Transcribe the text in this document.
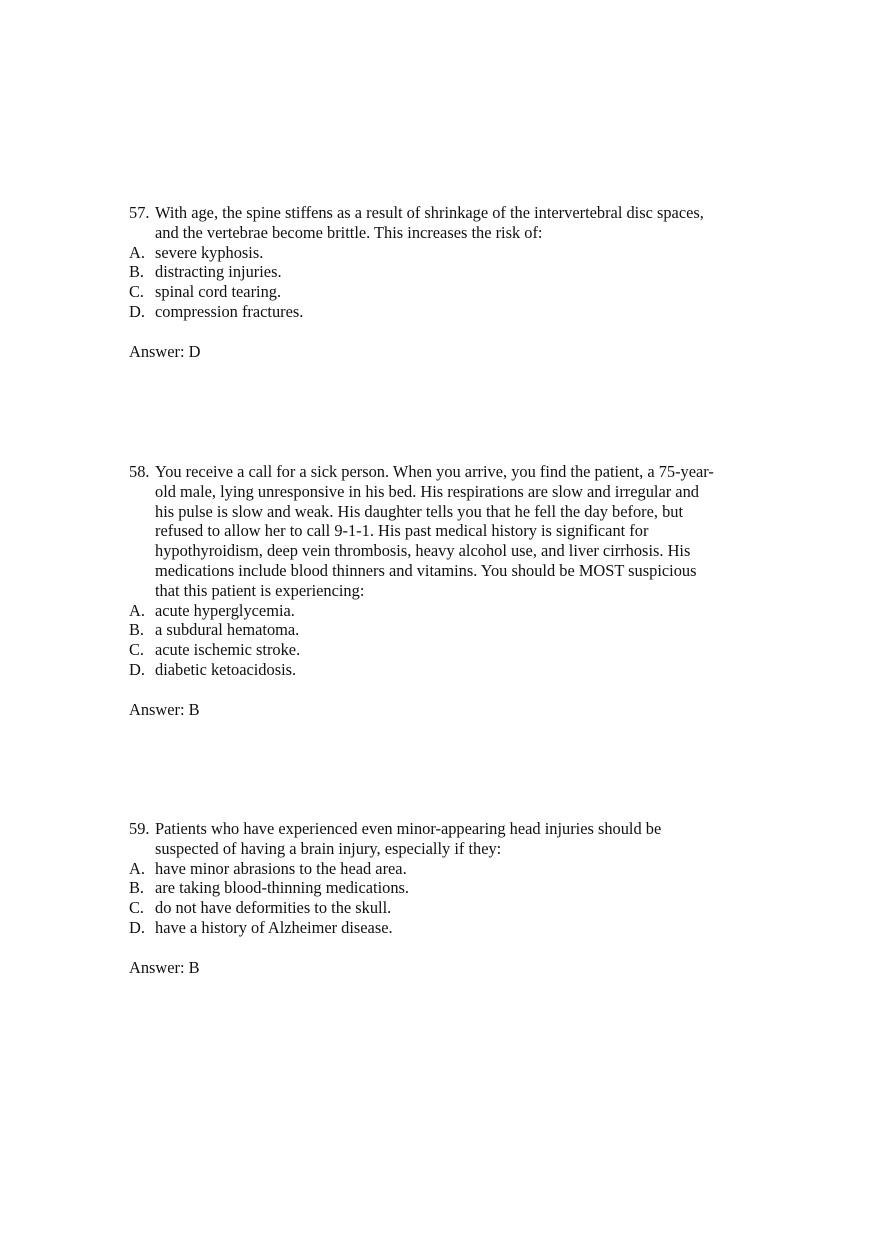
57. With age, the spine stiffens as a result of shrinkage of the intervertebral disc spaces,
and the vertebrae become brittle. This increases the risk of:
A. severe kyphosis.
B. distracting injuries.
C. spinal cord tearing.
D. compression fractures.
Answer: D
58. You receive a call for a sick person. When you arrive, you find the patient, a 75-year-
old male, lying unresponsive in his bed. His respirations are slow and irregular and
his pulse is slow and weak. His daughter tells you that he fell the day before, but
refused to allow her to call 9-1-1. His past medical history is significant for
hypothyroidism, deep vein thrombosis, heavy alcohol use, and liver cirrhosis. His
medications include blood thinners and vitamins. You should be MOST suspicious
that this patient is experiencing:
A. acute hyperglycemia.
B. a subdural hematoma.
C. acute ischemic stroke.
D. diabetic ketoacidosis.
Answer: B
59. Patients who have experienced even minor-appearing head injuries should be
suspected of having a brain injury, especially if they:
A. have minor abrasions to the head area.
B. are taking blood-thinning medications.
C. do not have deformities to the skull.
D. have a history of Alzheimer disease.
Answer: B
